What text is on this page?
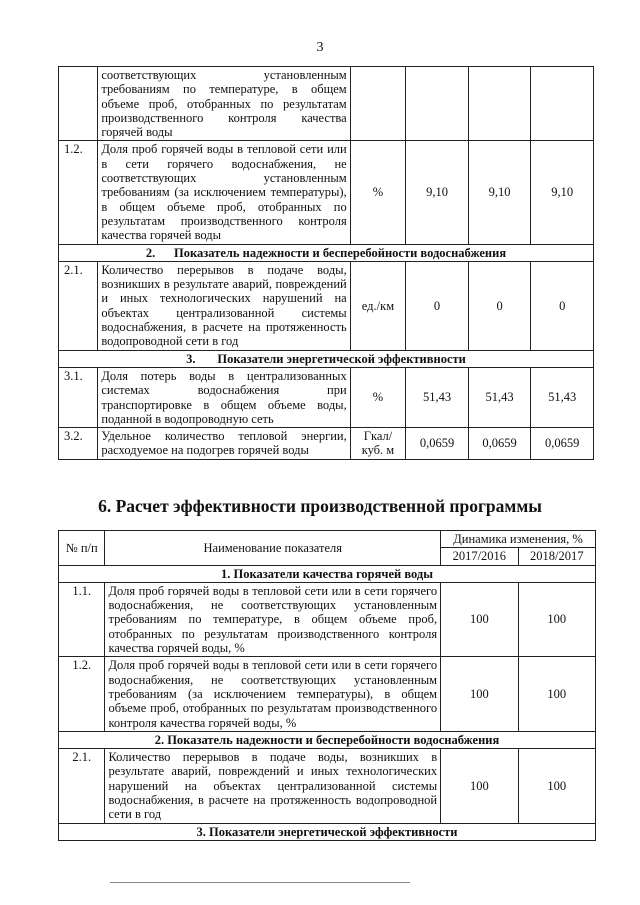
3
	соответствующих установленным требованиям по температуре, в общем объеме проб, отобранных по результатам производственного контроля качества горячей воды				
1.2.	Доля проб горячей воды в тепловой сети или в сети горячего водоснабжения, не соответствующих установленным требованиям (за исключением температуры), в общем объеме проб, отобранных по результатам производственного контроля качества горячей воды	%	9,10	9,10	9,10
2.      Показатель надежности и бесперебойности водоснабжения					
2.1.	Количество перерывов в подаче воды, возникших в результате аварий, повреждений и иных технологических нарушений на объектах централизованной системы водоснабжения, в расчете на протяженность водопроводной сети в год	ед./км	0	0	0
3.       Показатели энергетической эффективности					
3.1.	Доля потерь воды в централизованных системах водоснабжения при транспортировке в общем объеме воды, поданной в водопроводную сеть	%	51,43	51,43	51,43
3.2.	Удельное количество тепловой энергии, расходуемое на подогрев горячей воды	Гкал/ куб. м	0,0659	0,0659	0,0659
6. Расчет эффективности производственной программы
№ п/п	Наименование показателя	Динамика изменения, %	
		2017/2016	2018/2017
1. Показатели качества горячей воды			
1.1.	Доля проб горячей воды в тепловой сети или в сети горячего водоснабжения, не соответствующих установленным требованиям по температуре, в общем объеме проб, отобранных по результатам производственного контроля качества горячей воды, %	100	100
1.2.	Доля проб горячей воды в тепловой сети или в сети горячего водоснабжения, не соответствующих установленным требованиям (за исключением температуры), в общем объеме проб, отобранных по результатам производственного контроля качества горячей воды, %	100	100
2. Показатель надежности и бесперебойности водоснабжения			
2.1.	Количество перерывов в подаче воды, возникших в результате аварий, повреждений и иных технологических нарушений на объектах централизованной системы водоснабжения, в расчете на протяженность водопроводной сети в год	100	100
3. Показатели энергетической эффективности			
